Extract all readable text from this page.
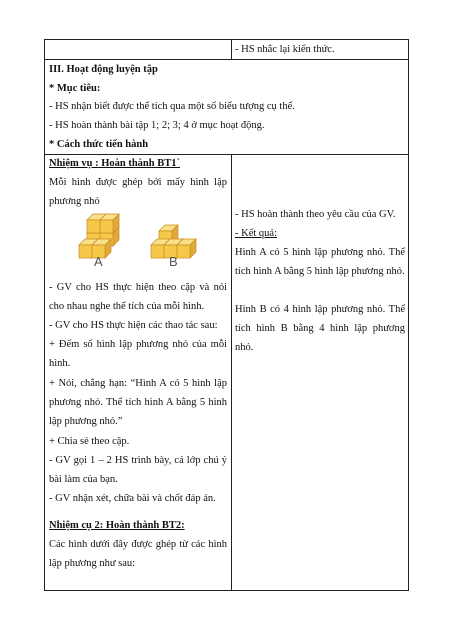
- HS nhắc lại kiến thức.
III. Hoạt động luyện tập
* Mục tiêu:
- HS nhận biết được thể tích qua một số biểu tượng cụ thể.
- HS hoàn thành bài tập 1; 2; 3; 4 ở mục hoạt động.
* Cách thức tiến hành
Nhiệm vụ : Hoàn thành BT1`
Mỗi hình được ghép bởi mấy hình lập phương nhỏ
A	B
- GV cho HS thực hiện theo cặp và nói cho nhau nghe thể tích của mỗi hình.
- GV cho HS thực hiện các thao tác sau:
+ Đếm số hình lập phương nhỏ của mỗi hình.
+ Nói, chẳng hạn: “Hình A có 5 hình lập phương nhỏ. Thể tích hình A bằng 5 hình lập phương nhỏ.”
+ Chia sẻ theo cặp.
- GV gọi 1 – 2 HS trình bày, cả lớp chú ý bài làm của bạn.
- GV nhận xét, chữa bài và chốt đáp án.
Nhiệm cụ 2: Hoàn thành BT2:
Các hình dưới đây được ghép từ các hình lập phương như sau:
- HS hoàn thành theo yêu cầu của GV.
- Kết quả:
Hình A có 5 hình lập phương nhỏ. Thể tích hình A bằng 5 hình lập phương nhỏ.
Hình B có 4 hình lập phương nhỏ. Thể tích hình B bằng 4 hình lập phương nhỏ.
